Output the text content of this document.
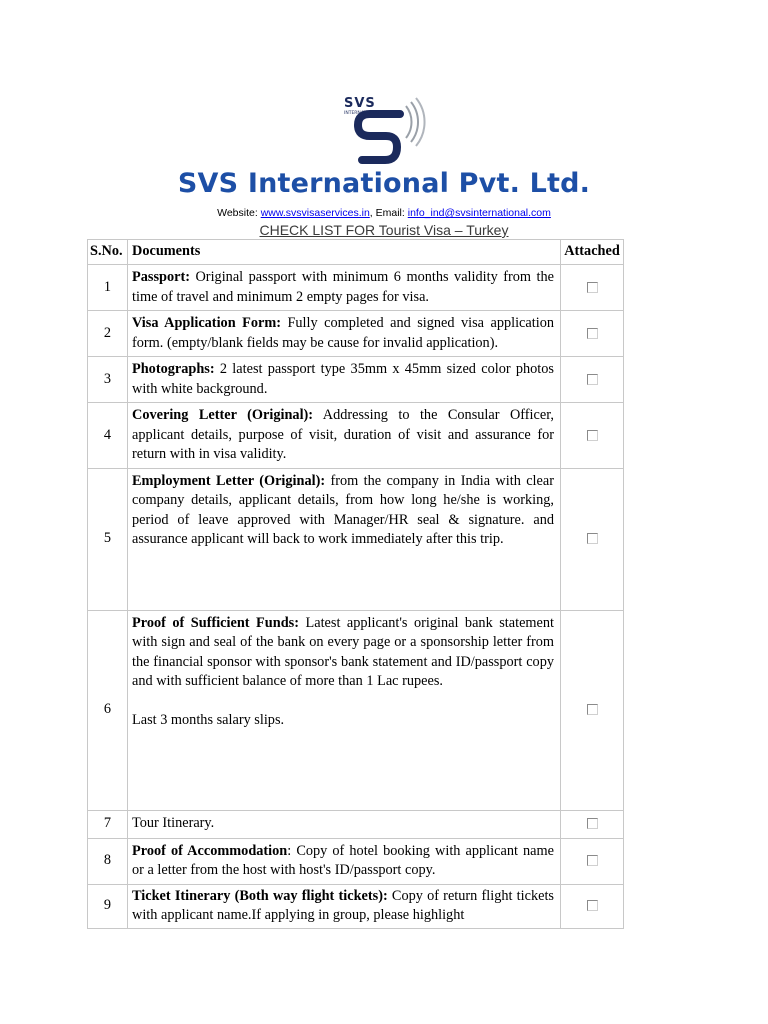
SVS
INTERNATIONAL
SVS International Pvt. Ltd.
Website: www.svsvisaservices.in, Email: info_ind@svsinternational.com
CHECK LIST FOR Tourist Visa – Turkey
S.No.	Documents	Attached
1	Passport: Original passport with minimum 6 months validity from the time of travel and minimum 2 empty pages for visa.	
2	Visa Application Form: Fully completed and signed visa application form. (empty/blank fields may be cause for invalid application).	
3	Photographs: 2 latest passport type 35mm x 45mm sized color photos with white background.	
4	Covering Letter (Original): Addressing to the Consular Officer, applicant details, purpose of visit, duration of visit and assurance for return with in visa validity.	
5	Employment Letter (Original): from the company in India with clear company details, applicant details, from how long he/she is working, period of leave approved with Manager/HR seal & signature. and assurance applicant will back to work immediately after this trip.	
6	Proof of Sufficient Funds: Latest applicant's original bank statement with sign and seal of the bank on every page or a sponsorship letter from the financial sponsor with sponsor's bank statement and ID/passport copy and with sufficient balance of more than 1 Lac rupees.
Last 3 months salary slips.	

7	Tour Itinerary.	
8	Proof of Accommodation: Copy of hotel booking with applicant name or a letter from the host with host's ID/passport copy.	
9	Ticket Itinerary (Both way flight tickets): Copy of return flight tickets with applicant name.If applying in group, please highlight	
